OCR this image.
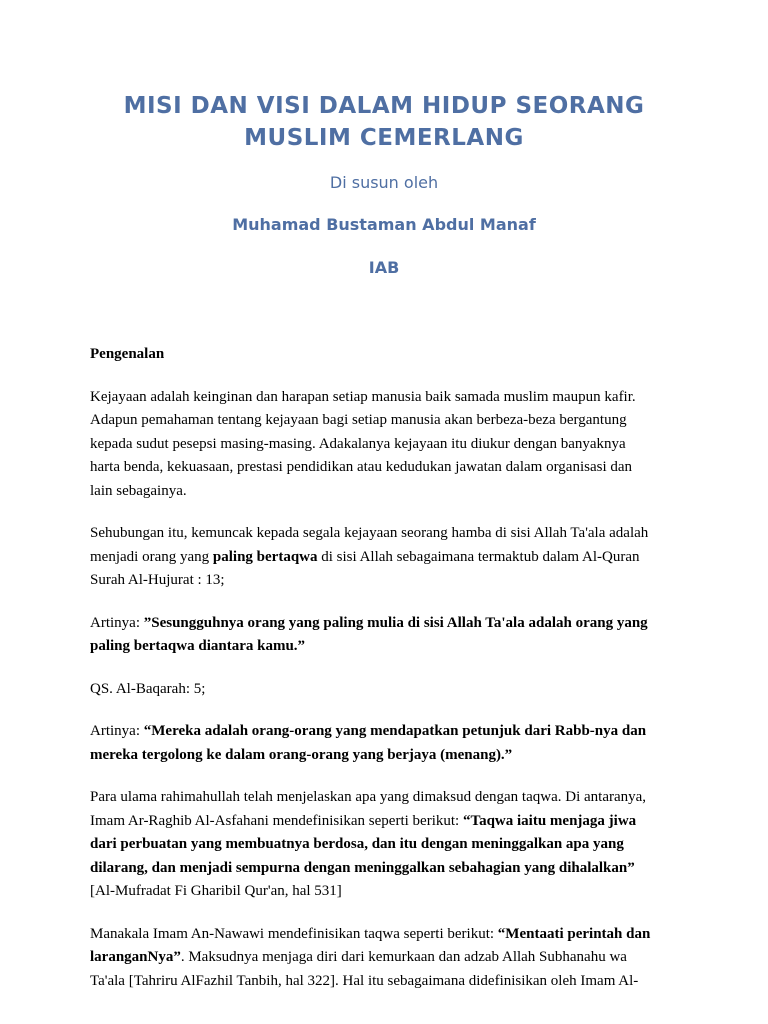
MISI DAN VISI DALAM HIDUP SEORANG
MUSLIM CEMERLANG
Di susun oleh
Muhamad Bustaman Abdul Manaf
IAB

Pengenalan

Kejayaan adalah keinginan dan harapan setiap manusia baik samada muslim maupun kafir.
Adapun pemahaman tentang kejayaan bagi setiap manusia akan berbeza-beza bergantung
kepada sudut pesepsi masing-masing. Adakalanya kejayaan itu diukur dengan banyaknya
harta benda, kekuasaan, prestasi pendidikan atau kedudukan jawatan dalam organisasi dan
lain sebagainya.

Sehubungan itu, kemuncak kepada segala kejayaan seorang hamba di sisi Allah Ta'ala adalah
menjadi orang yang paling bertaqwa di sisi Allah sebagaimana termaktub dalam Al-Quran
Surah Al-Hujurat : 13;

Artinya: ”Sesungguhnya orang yang paling mulia di sisi Allah Ta'ala adalah orang yang
paling bertaqwa diantara kamu.”

QS. Al-Baqarah: 5;

Artinya: “Mereka adalah orang-orang yang mendapatkan petunjuk dari Rabb-nya dan
mereka tergolong ke dalam orang-orang yang berjaya (menang).”

Para ulama rahimahullah telah menjelaskan apa yang dimaksud dengan taqwa. Di antaranya,
Imam Ar-Raghib Al-Asfahani mendefinisikan seperti berikut: “Taqwa iaitu menjaga jiwa
dari perbuatan yang membuatnya berdosa, dan itu dengan meninggalkan apa yang
dilarang, dan menjadi sempurna dengan meninggalkan sebahagian yang dihalalkan”
[Al-Mufradat Fi Gharibil Qur'an, hal 531]

Manakala Imam An-Nawawi mendefinisikan taqwa seperti berikut: “Mentaati perintah dan
laranganNya”. Maksudnya menjaga diri dari kemurkaan dan adzab Allah Subhanahu wa
Ta'ala [Tahriru AlFazhil Tanbih, hal 322]. Hal itu sebagaimana didefinisikan oleh Imam Al-
